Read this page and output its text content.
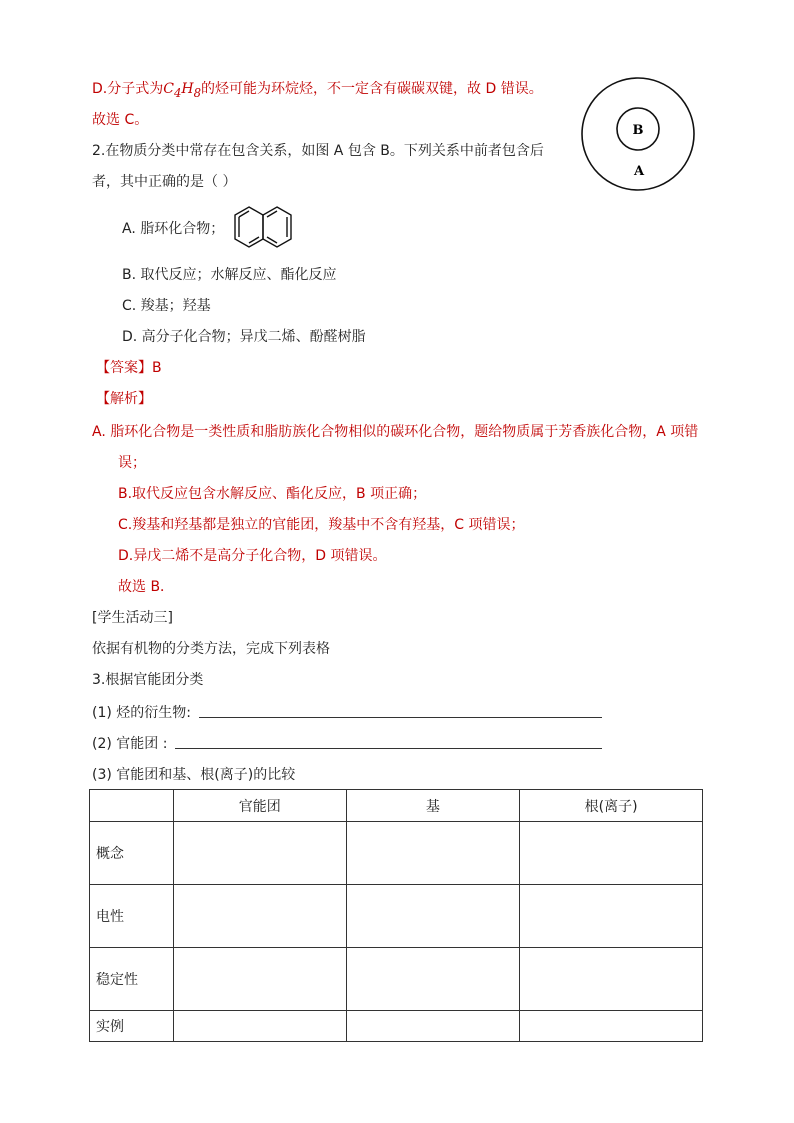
D.分子式为$C_4H_8$的烃可能为环烷烃，不一定含有碳碳双键，故 D 错误。
故选 C。
2.在物质分类中常存在包含关系，如图 A 包含 B。下列关系中前者包含后
者，其中正确的是（ ）
B
A
A. 脂环化合物；
B. 取代反应；水解反应、酯化反应
C. 羧基；羟基
D. 高分子化合物；异戊二烯、酚醛树脂
【答案】B
【解析】
A. 脂环化合物是一类性质和脂肪族化合物相似的碳环化合物，题给物质属于芳香族化合物，A 项错
误；
B.取代反应包含水解反应、酯化反应，B 项正确；
C.羧基和羟基都是独立的官能团，羧基中不含有羟基，C 项错误；
D.异戊二烯不是高分子化合物，D 项错误。
故选 B．
[学生活动三]
依据有机物的分类方法，完成下列表格
3.根据官能团分类
(1) 烃的衍生物:
(2) 官能团 :
(3) 官能团和基、根(离子)的比较
	官能团	基	根(离子)
概念			
电性			
稳定性			
实例			
